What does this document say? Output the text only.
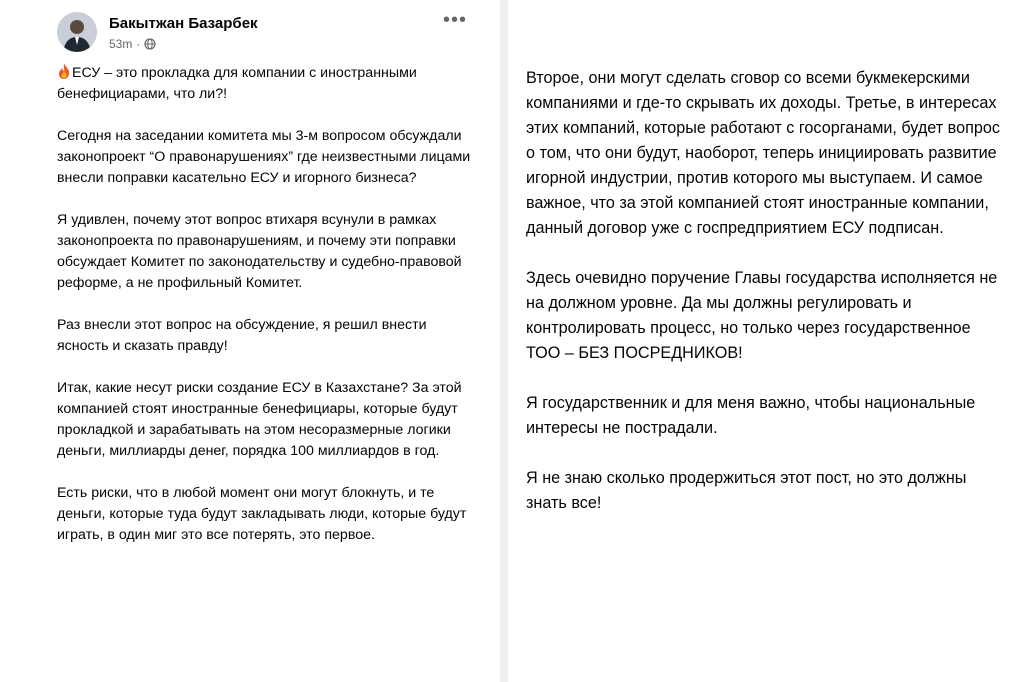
Бакытжан Базарбек
53m ·
•••

ЕСУ – это прокладка для компании с иностранными бенефициарами, что ли?!

Сегодня на заседании комитета мы 3-м вопросом обсуждали законопроект “О правонарушениях” где неизвестными лицами внесли поправки касательно ЕСУ и игорного бизнеса?

Я удивлен, почему этот вопрос втихаря всунули в рамках законопроекта по правонарушениям, и почему эти поправки обсуждает Комитет по законодательству и судебно-правовой реформе, а не профильный Комитет.

Раз внесли этот вопрос на обсуждение, я решил внести ясность и сказать правду!

Итак, какие несут риски создание ЕСУ в Казахстане? За этой компанией стоят иностранные бенефициары, которые будут прокладкой и зарабатывать на этом несоразмерные логики деньги, миллиарды денег, порядка 100 миллиардов в год.

Есть риски, что в любой момент они могут блокнуть, и те деньги, которые туда будут закладывать люди, которые будут играть, в один миг это все потерять, это первое.

Второе, они могут сделать сговор со всеми букмекерскими компаниями и где-то скрывать их доходы. Третье, в интересах этих компаний, которые работают с госорганами, будет вопрос о том, что они будут, наоборот, теперь инициировать развитие игорной индустрии, против которого мы выступаем. И самое важное, что за этой компанией стоят иностранные компании, данный договор уже с госпредприятием ЕСУ подписан.

Здесь очевидно поручение Главы государства исполняется не на должном уровне. Да мы должны регулировать и контролировать процесс, но только через государственное ТОО – БЕЗ ПОСРЕДНИКОВ!

Я государственник и для меня важно, чтобы национальные интересы не пострадали.

Я не знаю сколько продержиться этот пост, но это должны знать все!
